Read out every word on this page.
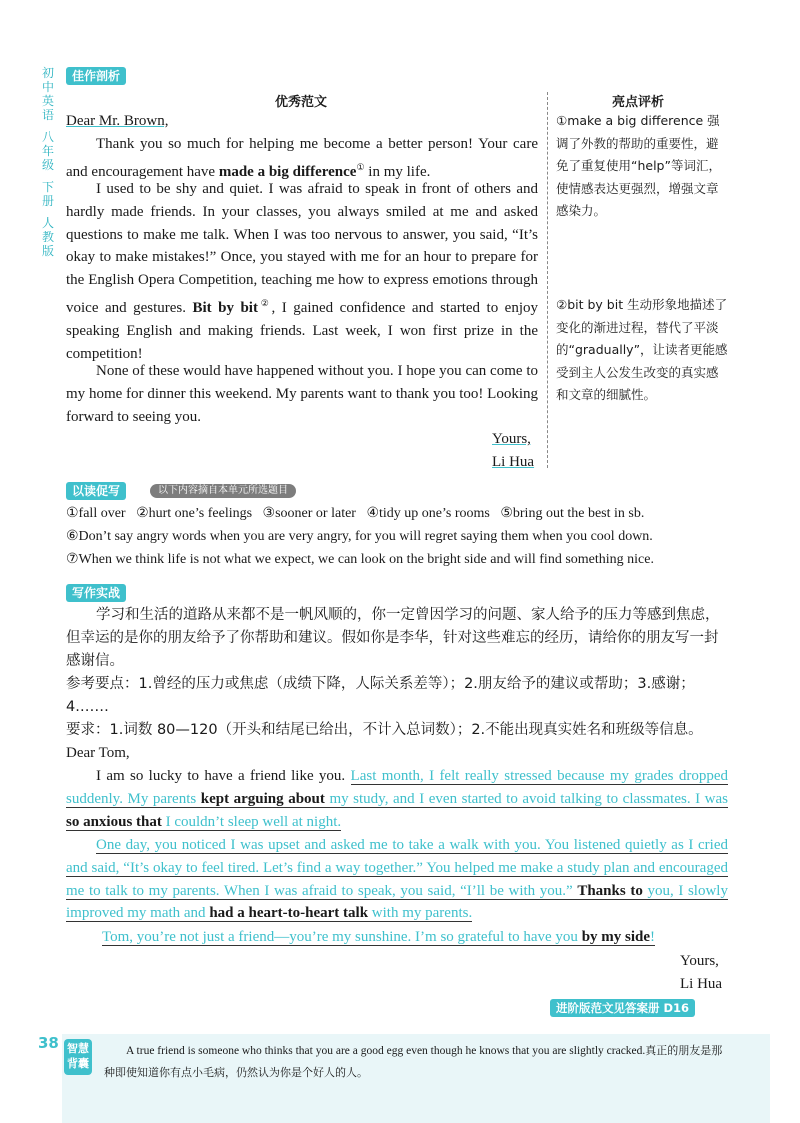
初中英语
八年级
下册
人教版
佳作剖析
优秀范文
Dear Mr. Brown,
Thank you so much for helping me become a better person! Your care and encouragement have made a big difference① in my life.
I used to be shy and quiet. I was afraid to speak in front of others and hardly made friends. In your classes, you always smiled at me and asked questions to make me talk. When I was too nervous to answer, you said, “It’s okay to make mistakes!” Once, you stayed with me for an hour to prepare for the English Opera Competition, teaching me how to express emotions through voice and gestures. Bit by bit②, I gained confidence and started to enjoy speaking English and making friends. Last week, I won first prize in the competition!
None of these would have happened without you. I hope you can come to my home for dinner this weekend. My parents want to thank you too! Looking forward to seeing you.
Yours,
Li Hua
亮点评析
①make a big difference 强调了外教的帮助的重要性，避免了重复使用“help”等词汇，使情感表达更强烈，增强文章感染力。
②bit by bit 生动形象地描述了变化的渐进过程，替代了平淡的“gradually”，让读者更能感受到主人公发生改变的真实感和文章的细腻性。
以读促写	以下内容摘自本单元所选题目
①fall over   ②hurt one’s feelings   ③sooner or later   ④tidy up one’s rooms   ⑤bring out the best in sb.
⑥Don’t say angry words when you are very angry, for you will regret saying them when you cool down.
⑦When we think life is not what we expect, we can look on the bright side and will find something nice.
写作实战
学习和生活的道路从来都不是一帆风顺的，你一定曾因学习的问题、家人给予的压力等感到焦虑，但幸运的是你的朋友给予了你帮助和建议。假如你是李华，针对这些难忘的经历，请给你的朋友写一封感谢信。
参考要点：1.曾经的压力或焦虑（成绩下降，人际关系差等）；2.朋友给予的建议或帮助；3.感谢；4.……
要求：1.词数 80—120（开头和结尾已给出，不计入总词数）；2.不能出现真实姓名和班级等信息。
Dear Tom,
I am so lucky to have a friend like you. Last month, I felt really stressed because my grades dropped suddenly. My parents kept arguing about my study, and I even started to avoid talking to classmates. I was so anxious that I couldn’t sleep well at night.
One day, you noticed I was upset and asked me to take a walk with you. You listened quietly as I cried and said, “It’s okay to feel tired. Let’s find a way together.” You helped me make a study plan and encouraged me to talk to my parents. When I was afraid to speak, you said, “I’ll be with you.” Thanks to you, I slowly improved my math and had a heart-to-heart talk with my parents.
Tom, you’re not just a friend—you’re my sunshine. I’m so grateful to have you by my side!
Yours,
Li Hua
进阶版范文见答案册 D16
38 智慧背囊
A true friend is someone who thinks that you are a good egg even though he knows that you are slightly cracked.真正的朋友是那种即使知道你有点小毛病，仍然认为你是个好人的人。
